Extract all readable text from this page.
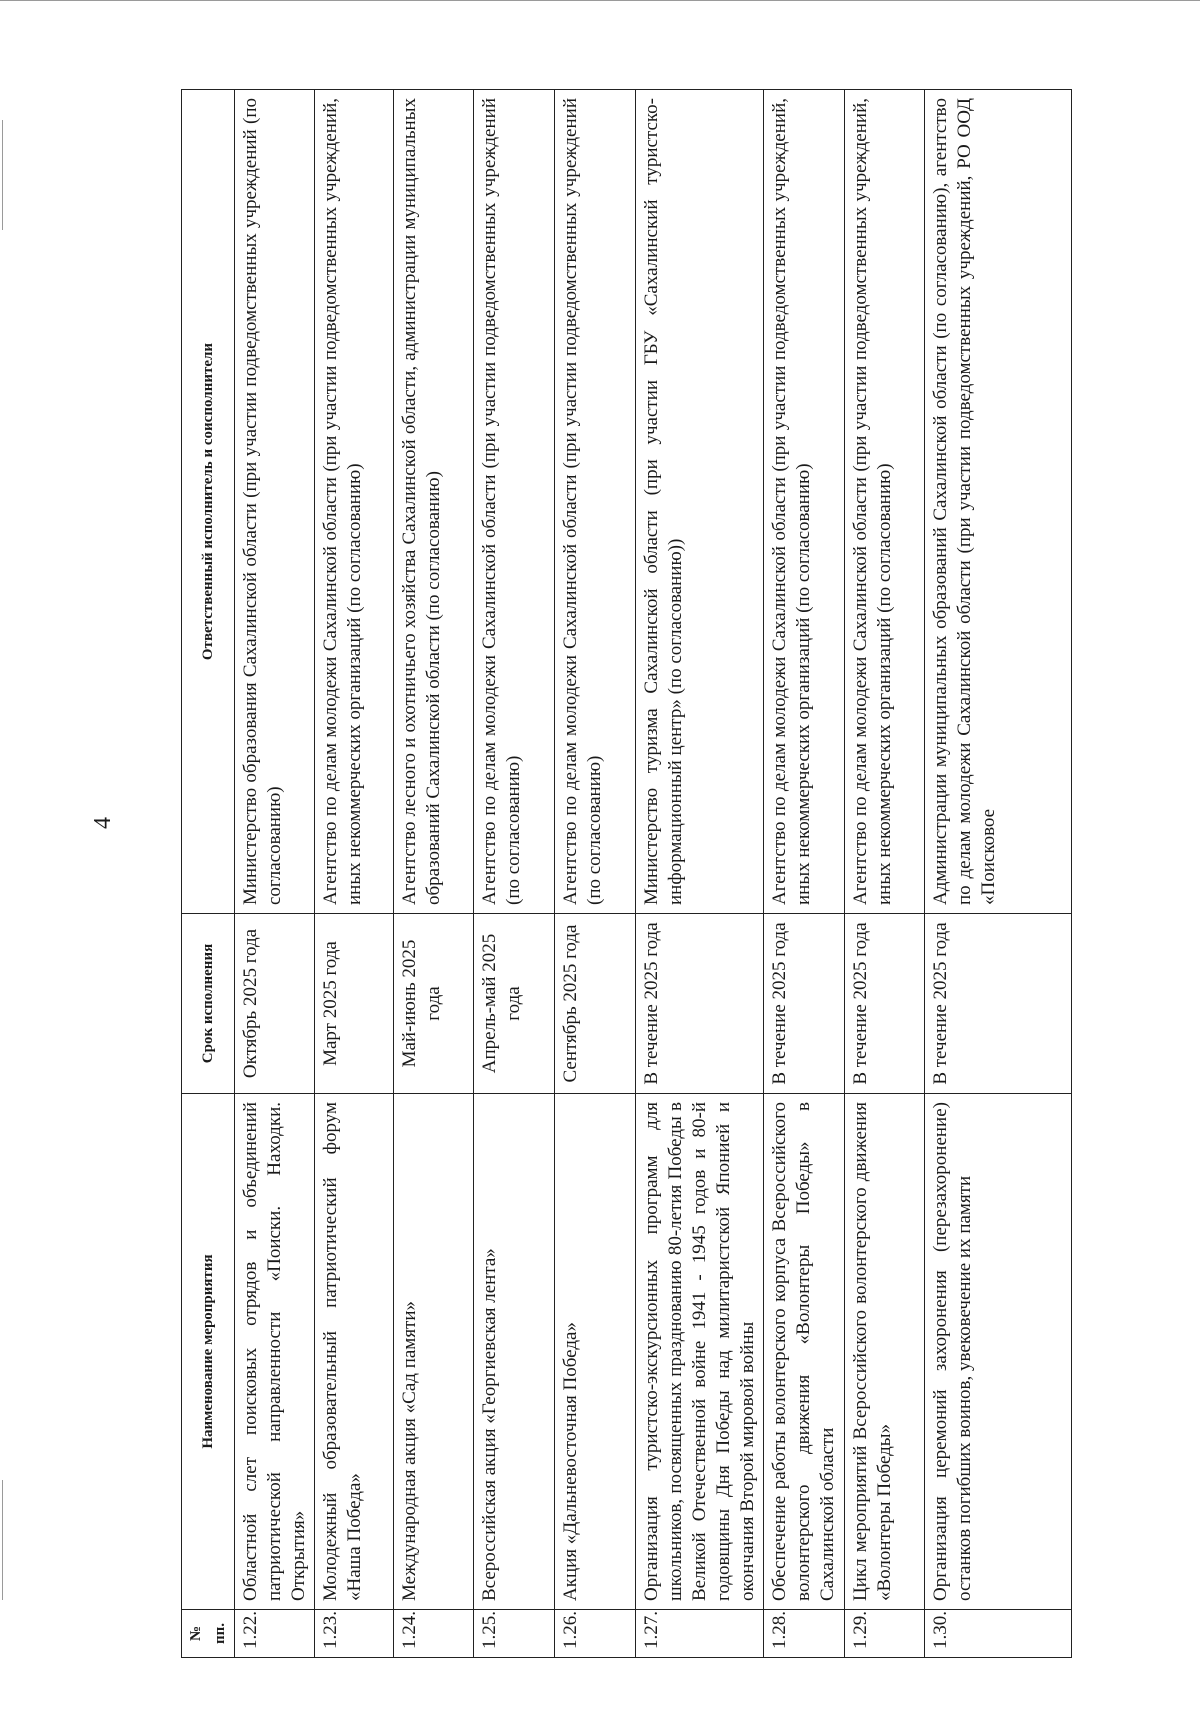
4
№ пп.	Наименование мероприятия	Срок исполнения	Ответственный исполнитель и соисполнители
1.22.	Областной слет поисковых отрядов и объединений патриотической направленности «Поиски. Находки. Открытия»	Октябрь 2025 года	Министерство образования Сахалинской области (при участии подведомственных учреждений (по согласованию)
1.23.	Молодежный образовательный патриотический форум «Наша Победа»	Март 2025 года	Агентство по делам молодежи Сахалинской области (при участии подведомственных учреждений, иных некоммерческих организаций (по согласованию)
1.24.	Международная акция «Сад памяти»	Май-июнь 2025 года	Агентство лесного и охотничьего хозяйства Сахалинской области, администрации муниципальных образований Сахалинской области (по согласованию)
1.25.	Всероссийская акция «Георгиевская лента»	Апрель-май 2025 года	Агентство по делам молодежи Сахалинской области (при участии подведомственных учреждений (по согласованию)
1.26.	Акция «Дальневосточная Победа»	Сентябрь 2025 года	Агентство по делам молодежи Сахалинской области (при участии подведомственных учреждений (по согласованию)
1.27.	Организация туристско-экскурсионных программ для школьников, посвященных празднованию 80-летия Победы в Великой Отечественной войне 1941 - 1945 годов и 80-й годовщины Дня Победы над милитаристской Японией и окончания Второй мировой войны	В течение 2025 года	Министерство туризма Сахалинской области (при участии ГБУ «Сахалинский туристско-информационный центр» (по согласованию))
1.28.	Обеспечение работы волонтерского корпуса Всероссийского волонтерского движения «Волонтеры Победы» в Сахалинской области	В течение 2025 года	Агентство по делам молодежи Сахалинской области (при участии подведомственных учреждений, иных некоммерческих организаций (по согласованию)
1.29.	Цикл мероприятий Всероссийского волонтерского движения «Волонтеры Победы»	В течение 2025 года	Агентство по делам молодежи Сахалинской области (при участии подведомственных учреждений, иных некоммерческих организаций (по согласованию)
1.30.	Организация церемоний захоронения (перезахоронение) останков погибших воинов, увековечение их памяти	В течение 2025 года	Администрации муниципальных образований Сахалинской области (по согласованию), агентство по делам молодежи Сахалинской области (при участии подведомственных учреждений, РО ООД «Поисковое
